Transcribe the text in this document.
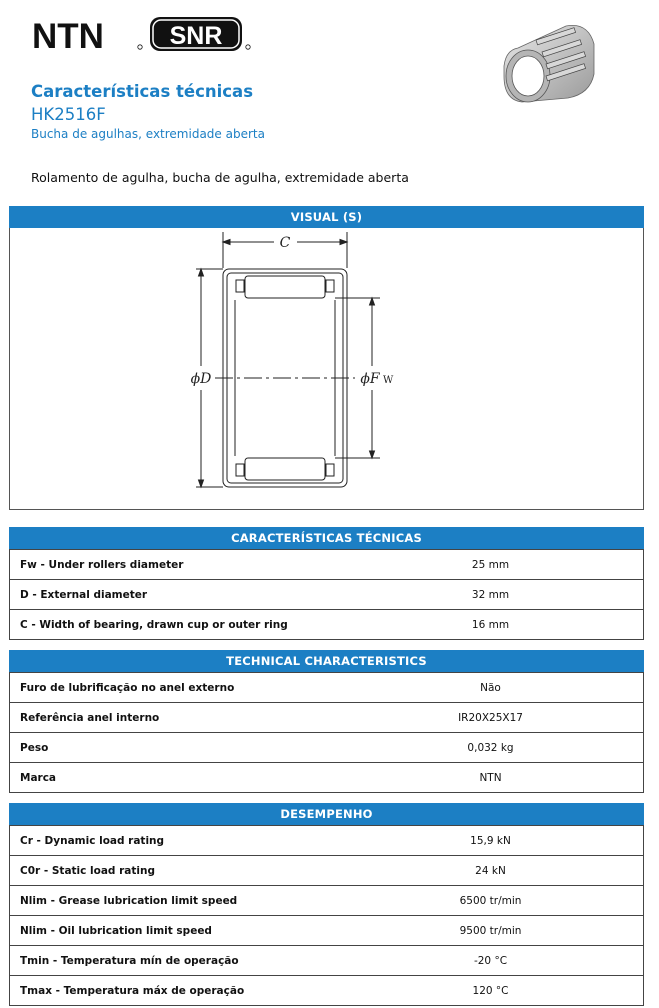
NTN	SNR
Características técnicas
HK2516F
Bucha de agulhas, extremidade aberta
Rolamento de agulha, bucha de agulha, extremidade aberta
VISUAL (S)
C
ϕD	ϕF W
CARACTERÍSTICAS TÉCNICAS
Fw - Under rollers diameter	25 mm
D - External diameter	32 mm
C - Width of bearing, drawn cup or outer ring	16 mm
TECHNICAL CHARACTERISTICS
Furo de lubrificação no anel externo	Não
Referência anel interno	IR20X25X17
Peso	0,032 kg
Marca	NTN
DESEMPENHO
Cr - Dynamic load rating	15,9 kN
C0r - Static load rating	24 kN
Nlim - Grease lubrication limit speed	6500 tr/min
Nlim - Oil lubrication limit speed	9500 tr/min
Tmin - Temperatura mín de operação	-20 °C
Tmax - Temperatura máx de operação	120 °C
